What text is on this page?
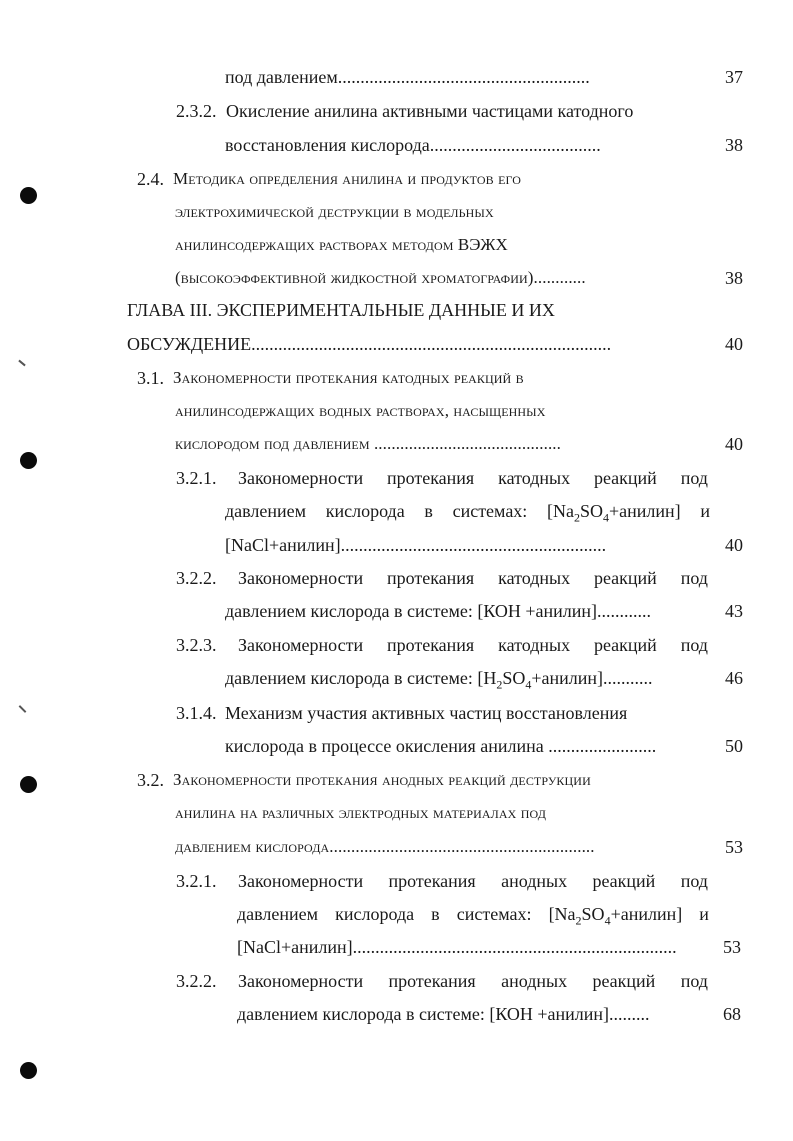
под давлением........................................................	37
2.3.2. Окисление анилина активными частицами катодного
восстановления кислорода......................................	38
2.4. Методика определения анилина и продуктов его
электрохимической деструкции в модельных
анилинсодержащих растворах методом ВЭЖХ
(высокоэффективной жидкостной хроматографии)............	38
ГЛАВА III. ЭКСПЕРИМЕНТАЛЬНЫЕ ДАННЫЕ И ИХ
ОБСУЖДЕНИЕ................................................................................	40
3.1. Закономерности протекания катодных реакций в
анилинсодержащих водных растворах, насыщенных
кислородом под давлением ...........................................	40
3.2.1. Закономерности протекания катодных реакций под
давлением кислорода в системах: $[Na_2SO_4+анилин]$ и
[NaCl+анилин]...........................................................	40
3.2.2. Закономерности протекания катодных реакций под
давлением кислорода в системе: [КОН +анилин]............	43
3.2.3. Закономерности протекания катодных реакций под
давлением кислорода в системе: $[H_2SO_4+анилин]$...........	46
3.1.4. Механизм участия активных частиц восстановления
кислорода в процессе окисления анилина ........................	50
3.2. Закономерности протекания анодных реакций деструкции
анилина на различных электродных материалах под
давлением кислорода.............................................................	53
3.2.1. Закономерности протекания анодных реакций под
давлением кислорода в системах: $[Na_2SO_4+анилин]$ и
[NaCl+анилин]........................................................................	53
3.2.2. Закономерности протекания анодных реакций под
давлением кислорода в системе: [КОН +анилин].........	68
